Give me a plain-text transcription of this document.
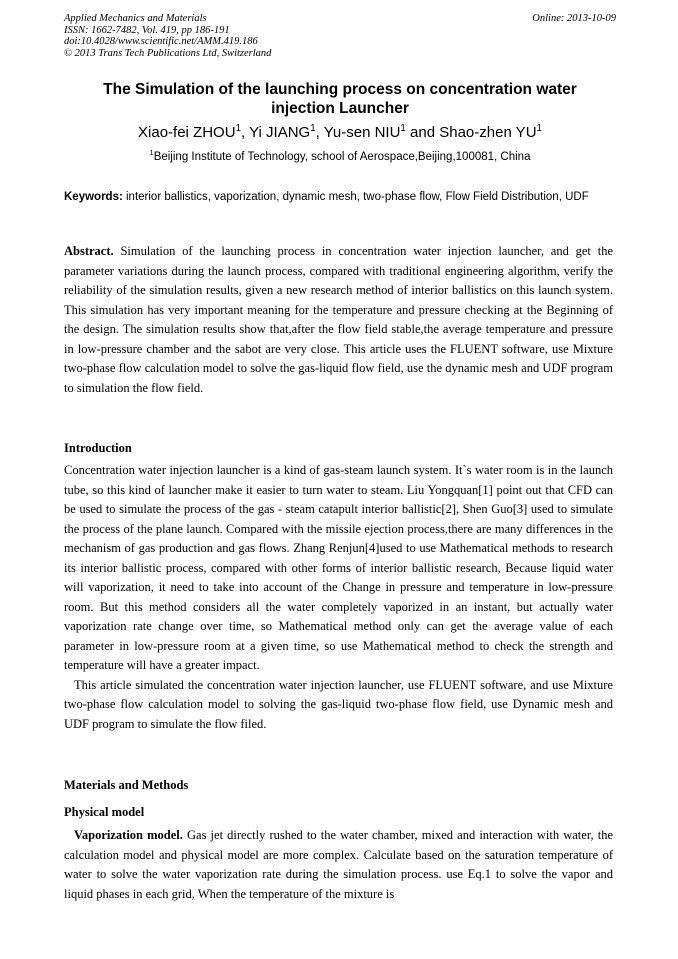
Applied Mechanics and Materials
ISSN: 1662-7482, Vol. 419, pp 186-191
doi:10.4028/www.scientific.net/AMM.419.186
© 2013 Trans Tech Publications Ltd, Switzerland
Online: 2013-10-09
The Simulation of the launching process on concentration water injection Launcher
Xiao-fei ZHOU$^1$, Yi JIANG$^1$, Yu-sen NIU$^1$ and Shao-zhen $YU^1$
$^1$Beijing Institute of Technology, school of Aerospace,Beijing,100081, China
Keywords: interior ballistics, vaporization, dynamic mesh, two-phase flow, Flow Field Distribution, UDF

Abstract. Simulation of the launching process in concentration water injection launcher, and get the parameter variations during the launch process, compared with traditional engineering algorithm, verify the reliability of the simulation results, given a new research method of interior ballistics on this launch system. This simulation has very important meaning for the temperature and pressure checking at the Beginning of the design. The simulation results show that,after the flow field stable,the average temperature and pressure in low-pressure chamber and the sabot are very close. This article uses the FLUENT software, use Mixture two-phase flow calculation model to solve the gas-liquid flow field, use the dynamic mesh and UDF program to simulation the flow field.

Introduction

Concentration water injection launcher is a kind of gas-steam launch system. It`s water room is in the launch tube, so this kind of launcher make it easier to turn water to steam. Liu Yongquan[1] point out that CFD can be used to simulate the process of the gas - steam catapult interior ballistic[2], Shen Guo[3] used to simulate the process of the plane launch. Compared with the missile ejection process,there are many differences in the mechanism of gas production and gas flows. Zhang Renjun[4]used to use Mathematical methods to research its interior ballistic process, compared with other forms of interior ballistic research, Because liquid water will vaporization, it need to take into account of the Change in pressure and temperature in low-pressure room. But this method considers all the water completely vaporized in an instant, but actually water vaporization rate change over time, so Mathematical method only can get the average value of each parameter in low-pressure room at a given time, so use Mathematical method to check the strength and temperature will have a greater impact.

This article simulated the concentration water injection launcher, use FLUENT software, and use Mixture two-phase flow calculation model to solving the gas-liquid two-phase flow field, use Dynamic mesh and UDF program to simulate the flow filed.

Materials and Methods
Physical model

Vaporization model. Gas jet directly rushed to the water chamber, mixed and interaction with water, the calculation model and physical model are more complex. Calculate based on the saturation temperature of water to solve the water vaporization rate during the simulation process. use Eq.1 to solve the vapor and liquid phases in each grid, When the temperature of the mixture is
